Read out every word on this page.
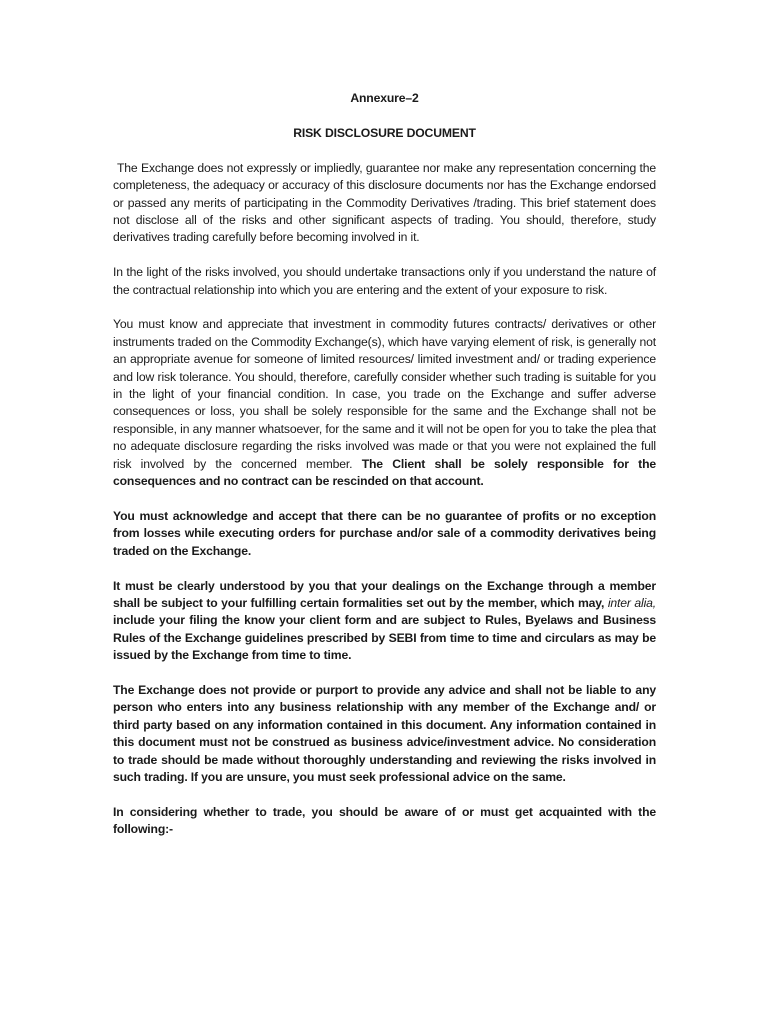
Annexure–2
RISK DISCLOSURE DOCUMENT

The Exchange does not expressly or impliedly, guarantee nor make any representation concerning the completeness, the adequacy or accuracy of this disclosure documents nor has the Exchange endorsed or passed any merits of participating in the Commodity Derivatives /trading. This brief statement does not disclose all of the risks and other significant aspects of trading. You should, therefore, study derivatives trading carefully before becoming involved in it.

In the light of the risks involved, you should undertake transactions only if you understand the nature of the contractual relationship into which you are entering and the extent of your exposure to risk.

You must know and appreciate that investment in commodity futures contracts/ derivatives or other instruments traded on the Commodity Exchange(s), which have varying element of risk, is generally not an appropriate avenue for someone of limited resources/ limited investment and/ or trading experience and low risk tolerance. You should, therefore, carefully consider whether such trading is suitable for you in the light of your financial condition. In case, you trade on the Exchange and suffer adverse consequences or loss, you shall be solely responsible for the same and the Exchange shall not be responsible, in any manner whatsoever, for the same and it will not be open for you to take the plea that no adequate disclosure regarding the risks involved was made or that you were not explained the full risk involved by the concerned member. The Client shall be solely responsible for the consequences and no contract can be rescinded on that account.

You must acknowledge and accept that there can be no guarantee of profits or no exception from losses while executing orders for purchase and/or sale of a commodity derivatives being traded on the Exchange.

It must be clearly understood by you that your dealings on the Exchange through a member shall be subject to your fulfilling certain formalities set out by the member, which may, inter alia, include your filing the know your client form and are subject to Rules, Byelaws and Business Rules of the Exchange guidelines prescribed by SEBI from time to time and circulars as may be issued by the Exchange from time to time.

The Exchange does not provide or purport to provide any advice and shall not be liable to any person who enters into any business relationship with any member of the Exchange and/ or third party based on any information contained in this document. Any information contained in this document must not be construed as business advice/investment advice. No consideration to trade should be made without thoroughly understanding and reviewing the risks involved in such trading. If you are unsure, you must seek professional advice on the same.

In considering whether to trade, you should be aware of or must get acquainted with the following:-
